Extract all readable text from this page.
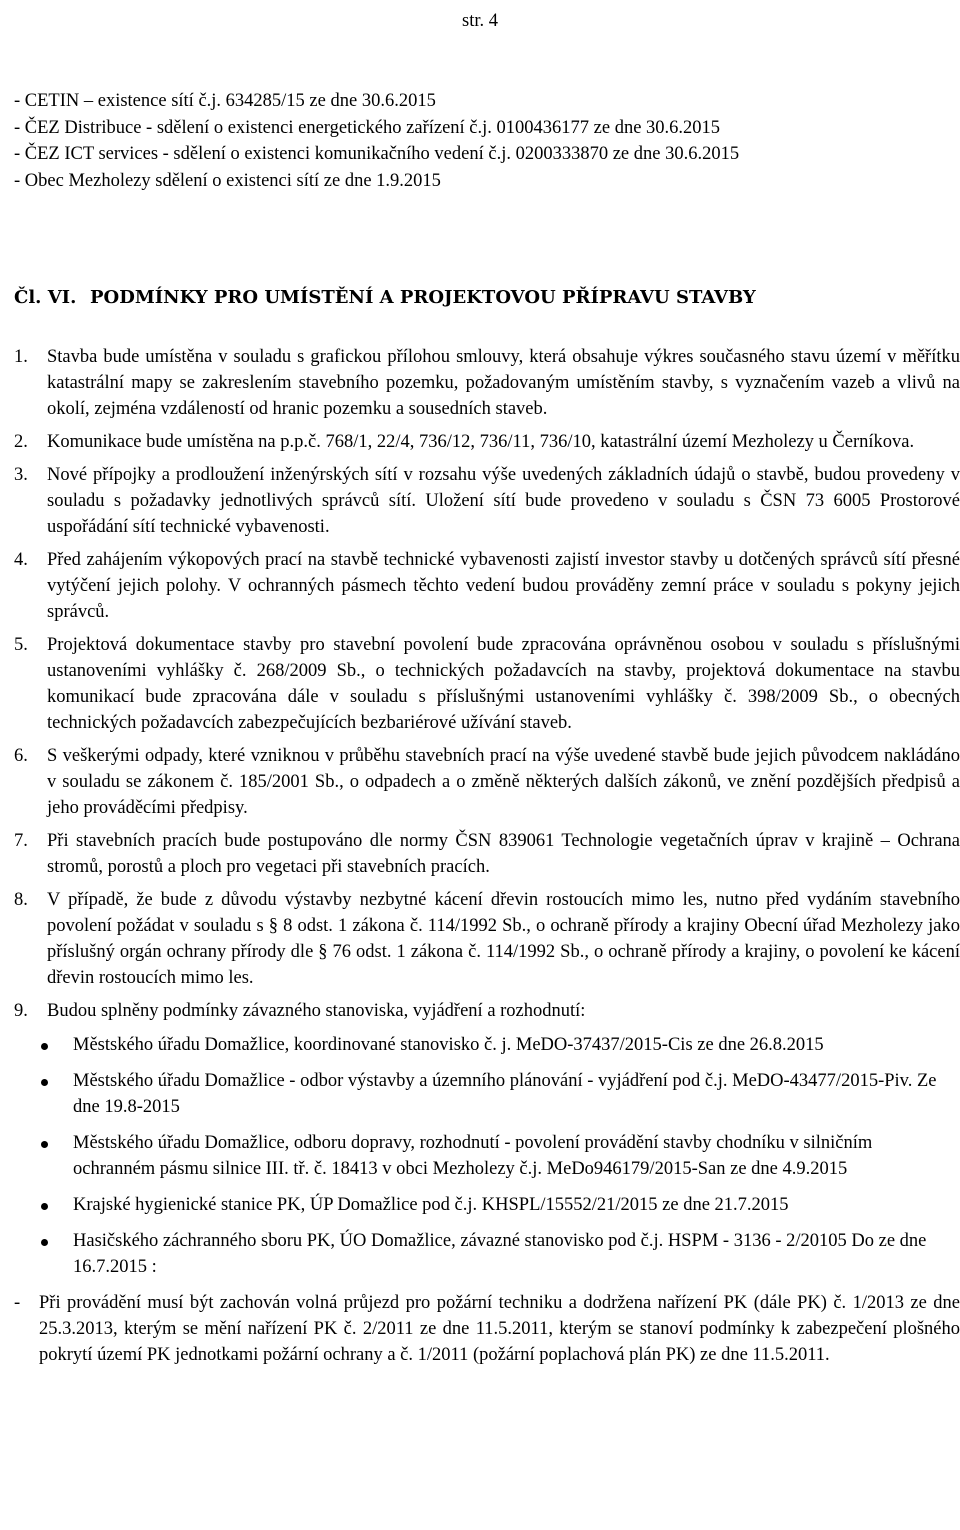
str. 4
- CETIN – existence sítí č.j. 634285/15 ze dne 30.6.2015
- ČEZ Distribuce - sdělení o existenci energetického zařízení č.j. 0100436177 ze dne 30.6.2015
- ČEZ ICT services - sdělení o existenci komunikačního vedení č.j. 0200333870 ze dne 30.6.2015
- Obec Mezholezy sdělení o existenci sítí ze dne 1.9.2015
Čl. VI. PODMÍNKY PRO UMÍSTĚNÍ A PROJEKTOVOU PŘÍPRAVU STAVBY
1. Stavba bude umístěna v souladu s grafickou přílohou smlouvy, která obsahuje výkres současného stavu území v měřítku katastrální mapy se zakreslením stavebního pozemku, požadovaným umístěním stavby, s vyznačením vazeb a vlivů na okolí, zejména vzdáleností od hranic pozemku a sousedních staveb.
2. Komunikace bude umístěna na p.p.č. 768/1, 22/4, 736/12, 736/11, 736/10, katastrální území Mezholezy u Černíkova.
3. Nové přípojky a prodloužení inženýrských sítí v rozsahu výše uvedených základních údajů o stavbě, budou provedeny v souladu s požadavky jednotlivých správců sítí. Uložení sítí bude provedeno v souladu s ČSN 73 6005 Prostorové uspořádání sítí technické vybavenosti.
4. Před zahájením výkopových prací na stavbě technické vybavenosti zajistí investor stavby u dotčených správců sítí přesné vytýčení jejich polohy. V ochranných pásmech těchto vedení budou prováděny zemní práce v souladu s pokyny jejich správců.
5. Projektová dokumentace stavby pro stavební povolení bude zpracována oprávněnou osobou v souladu s příslušnými ustanoveními vyhlášky č. 268/2009 Sb., o technických požadavcích na stavby, projektová dokumentace na stavbu komunikací bude zpracována dále v souladu s příslušnými ustanoveními vyhlášky č. 398/2009 Sb., o obecných technických požadavcích zabezpečujících bezbariérové užívání staveb.
6. S veškerými odpady, které vzniknou v průběhu stavebních prací na výše uvedené stavbě bude jejich původcem nakládáno v souladu se zákonem č. 185/2001 Sb., o odpadech a o změně některých dalších zákonů, ve znění pozdějších předpisů a jeho prováděcími předpisy.
7. Při stavebních pracích bude postupováno dle normy ČSN 839061 Technologie vegetačních úprav v krajině – Ochrana stromů, porostů a ploch pro vegetaci při stavebních pracích.
8. V případě, že bude z důvodu výstavby nezbytné kácení dřevin rostoucích mimo les, nutno před vydáním stavebního povolení požádat v souladu s § 8 odst. 1 zákona č. 114/1992 Sb., o ochraně přírody a krajiny Obecní úřad Mezholezy jako příslušný orgán ochrany přírody dle § 76 odst. 1 zákona č. 114/1992 Sb., o ochraně přírody a krajiny, o povolení ke kácení dřevin rostoucích mimo les.
9. Budou splněny podmínky závazného stanoviska, vyjádření a rozhodnutí:
Městského úřadu Domažlice, koordinované stanovisko č. j. MeDO-37437/2015-Cis ze dne 26.8.2015
Městského úřadu Domažlice - odbor výstavby a územního plánování - vyjádření pod č.j. MeDO-43477/2015-Piv. Ze dne 19.8-2015
Městského úřadu Domažlice, odboru dopravy, rozhodnutí - povolení provádění stavby chodníku v silničním ochranném pásmu silnice III. tř. č. 18413 v obci Mezholezy č.j. MeDo946179/2015-San ze dne 4.9.2015
Krajské hygienické stanice PK, ÚP Domažlice pod č.j. KHSPL/15552/21/2015 ze dne 21.7.2015
Hasičského záchranného sboru PK, ÚO Domažlice, závazné stanovisko pod č.j. HSPM - 3136 - 2/20105 Do ze dne 16.7.2015 :
- Při provádění musí být zachován volná průjezd pro požární techniku a dodržena nařízení PK (dále PK) č. 1/2013 ze dne 25.3.2013, kterým se mění nařízení PK č. 2/2011 ze dne 11.5.2011, kterým se stanoví podmínky k zabezpečení plošného pokrytí území PK jednotkami požární ochrany a č. 1/2011 (požární poplachová plán PK) ze dne 11.5.2011.
